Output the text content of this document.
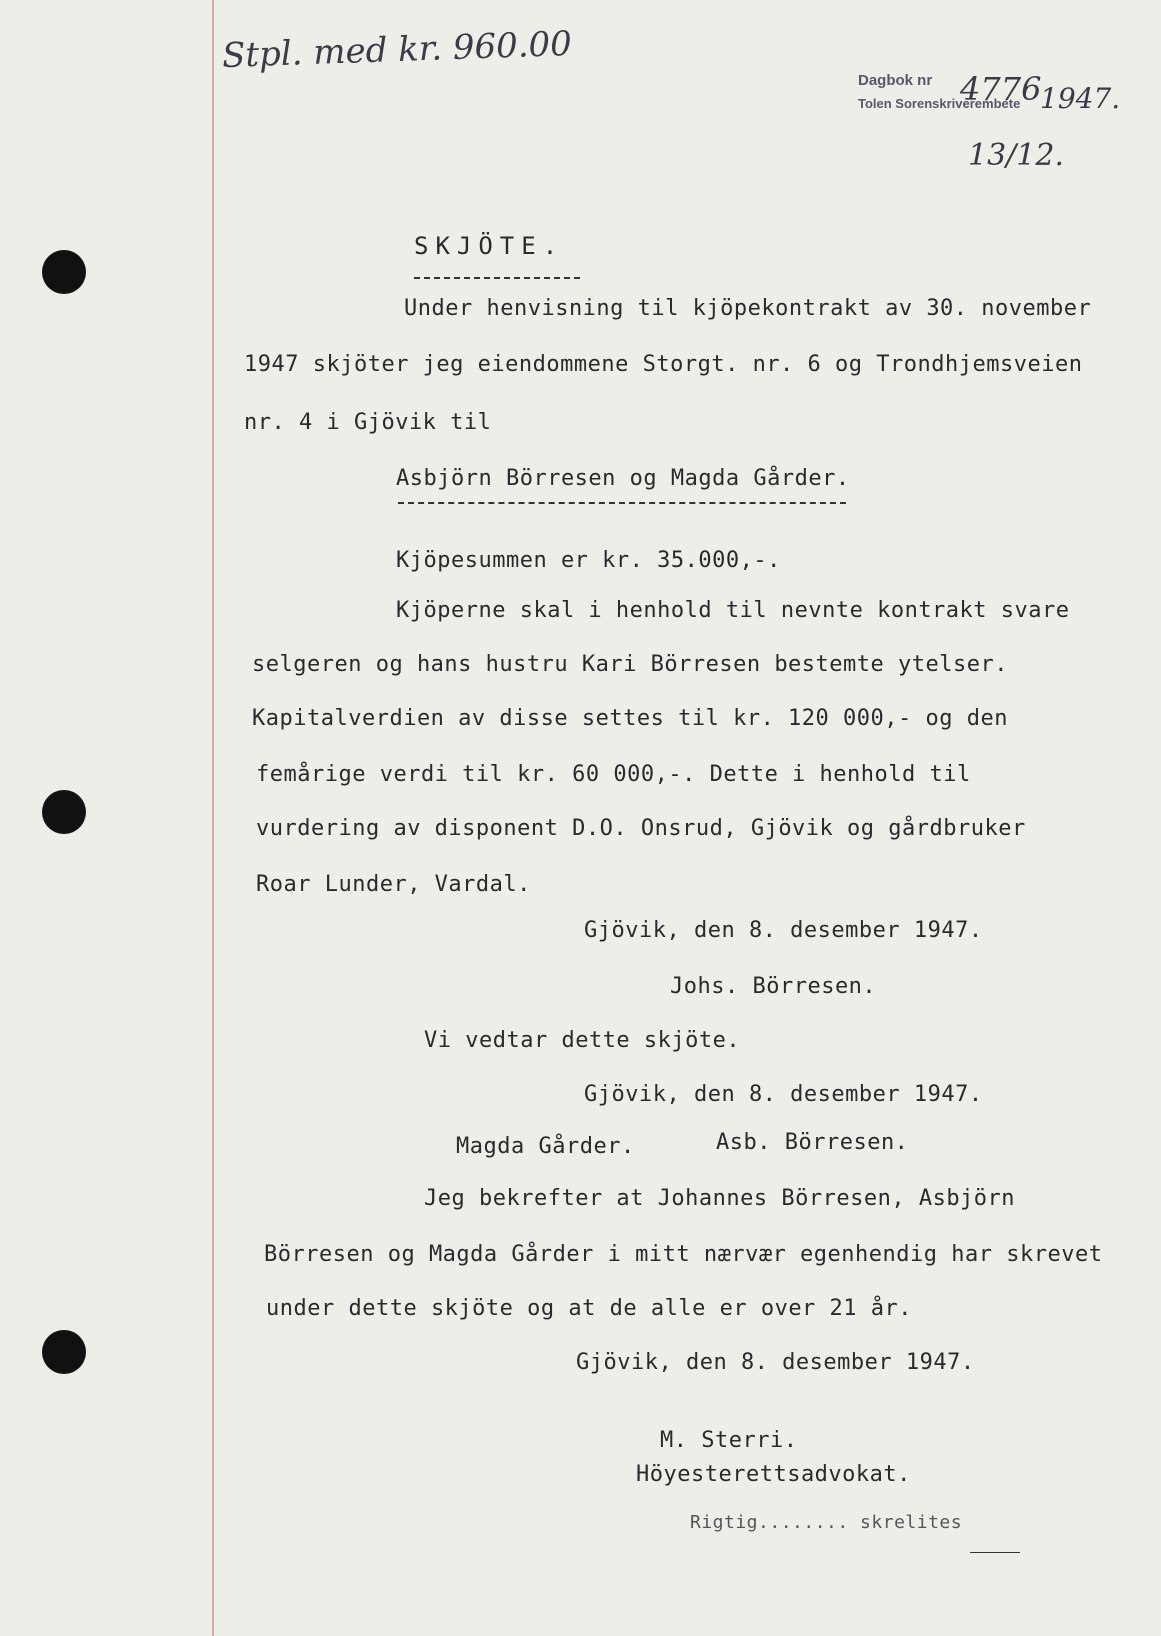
Stpl. med kr. 960.00
Dagbok nr
Tolen Sorenskriverembete
4776
1947.
13/12.
SKJÖTE.
Under henvisning til kjöpekontrakt av 30. november
1947 skjöter jeg eiendommene Storgt. nr. 6 og Trondhjemsveien
nr. 4 i Gjövik til
Asbjörn Börresen og Magda Gårder.
Kjöpesummen er kr. 35.000,-.
Kjöperne skal i henhold til nevnte kontrakt svare
selgeren og hans hustru Kari Börresen bestemte ytelser.
Kapitalverdien av disse settes til kr. 120 000,- og den
femårige verdi til kr. 60 000,-. Dette i henhold til
vurdering av disponent D.O. Onsrud, Gjövik og gårdbruker
Roar Lunder, Vardal.
Gjövik, den 8. desember 1947.
Johs. Börresen.
Vi vedtar dette skjöte.
Gjövik, den 8. desember 1947.
Magda Gårder.	Asb. Börresen.
Jeg bekrefter at Johannes Börresen, Asbjörn
Börresen og Magda Gårder i mitt nærvær egenhendig har skrevet
under dette skjöte og at de alle er over 21 år.
Gjövik, den 8. desember 1947.
M. Sterri.
Höyesterettsadvokat.
Rigtig........ skrelites
